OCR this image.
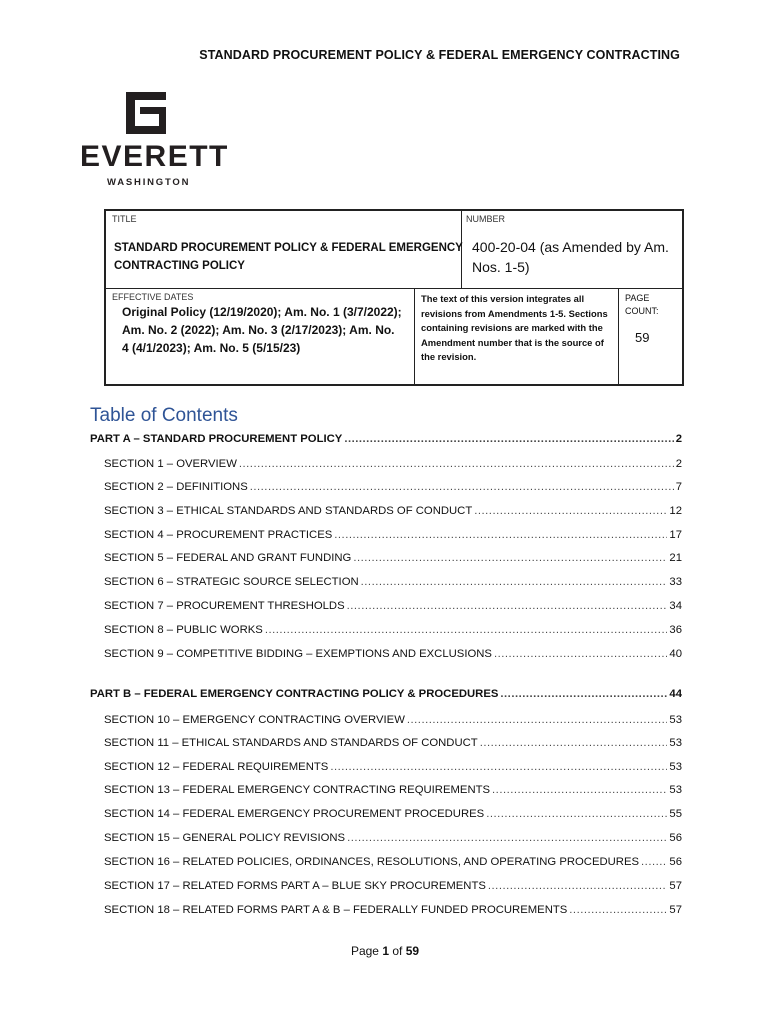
STANDARD PROCUREMENT POLICY & FEDERAL EMERGENCY CONTRACTING
EVERETT
WASHINGTON
TITLE
STANDARD PROCUREMENT POLICY & FEDERAL EMERGENCY CONTRACTING POLICY
NUMBER
400-20-04 (as Amended by Am. Nos. 1-5)
EFFECTIVE DATES
Original Policy (12/19/2020); Am. No. 1 (3/7/2022); Am. No. 2 (2022); Am. No. 3 (2/17/2023); Am. No. 4 (4/1/2023); Am. No. 5 (5/15/23)
The text of this version integrates all revisions from Amendments 1-5. Sections containing revisions are marked with the Amendment number that is the source of the revision.
PAGE COUNT:
59
Table of Contents
PART A – STANDARD PROCUREMENT POLICY .....	2
SECTION 1 – OVERVIEW .....	2
SECTION 2 – DEFINITIONS .....	7
SECTION 3 – ETHICAL STANDARDS AND STANDARDS OF CONDUCT .....	12
SECTION 4 – PROCUREMENT PRACTICES .....	17
SECTION 5 – FEDERAL AND GRANT FUNDING .....	21
SECTION 6 – STRATEGIC SOURCE SELECTION .....	33
SECTION 7 – PROCUREMENT THRESHOLDS .....	34
SECTION 8 – PUBLIC WORKS .....	36
SECTION 9 – COMPETITIVE BIDDING – EXEMPTIONS AND EXCLUSIONS .....	40
PART B – FEDERAL EMERGENCY CONTRACTING POLICY & PROCEDURES .....	44
SECTION 10 – EMERGENCY CONTRACTING OVERVIEW .....	53
SECTION 11 – ETHICAL STANDARDS AND STANDARDS OF CONDUCT .....	53
SECTION 12 – FEDERAL REQUIREMENTS .....	53
SECTION 13 – FEDERAL EMERGENCY CONTRACTING REQUIREMENTS .....	53
SECTION 14 – FEDERAL EMERGENCY PROCUREMENT PROCEDURES .....	55
SECTION 15 – GENERAL POLICY REVISIONS .....	56
SECTION 16 – RELATED POLICIES, ORDINANCES, RESOLUTIONS, AND OPERATING PROCEDURES .....	56
SECTION 17 – RELATED FORMS PART A – BLUE SKY PROCUREMENTS .....	57
SECTION 18 – RELATED FORMS PART A & B – FEDERALLY FUNDED PROCUREMENTS .....	57
Page 1 of 59
